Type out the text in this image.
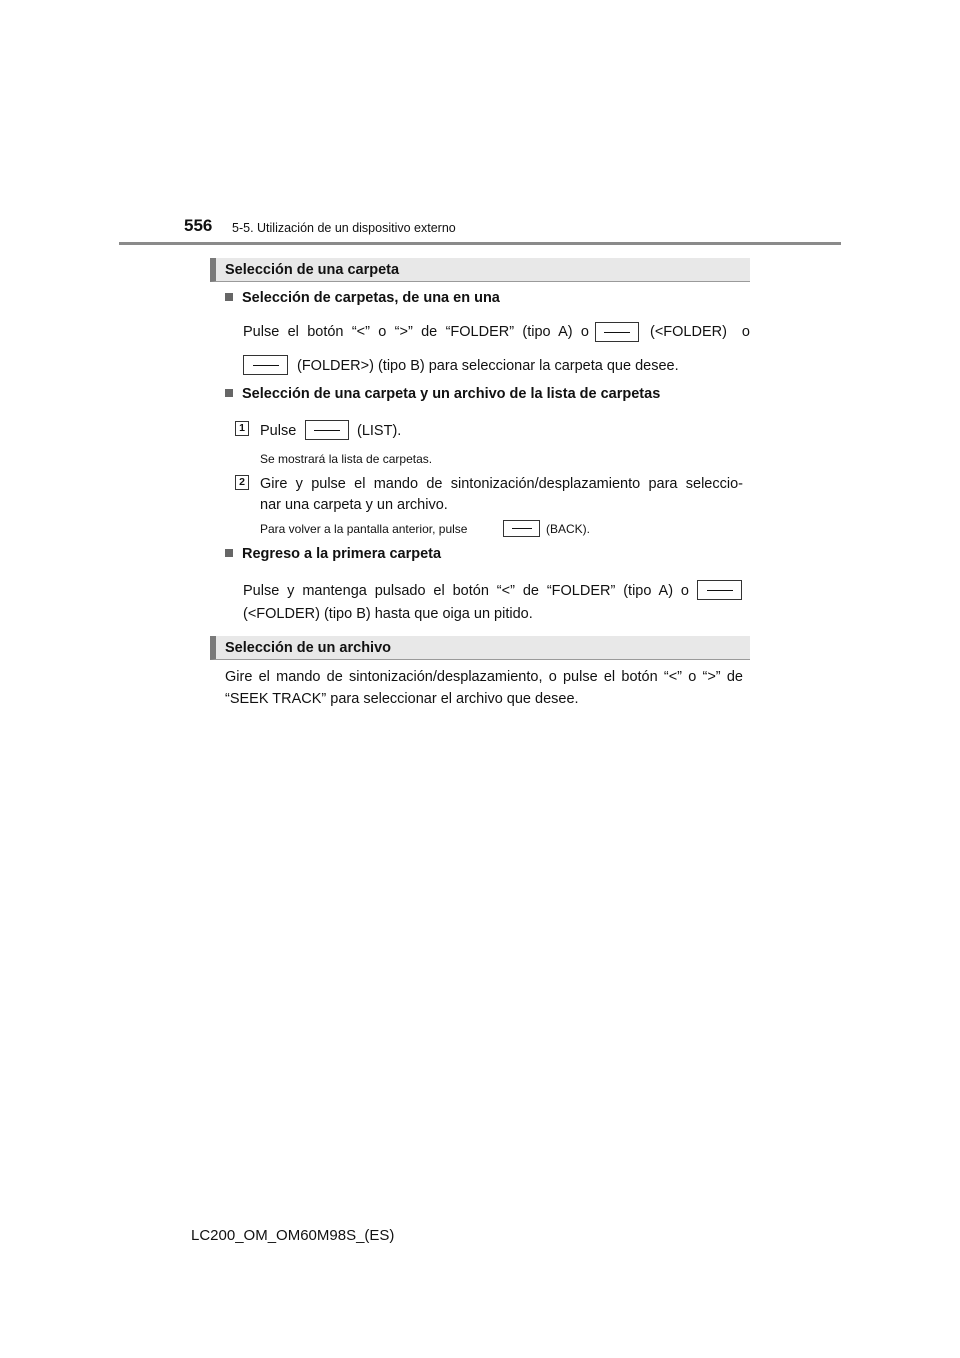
556 5-5. Utilización de un dispositivo externo
Selección de una carpeta
Selección de carpetas, de una en una
Pulse el botón “<” o “>” de “FOLDER” (tipo A) o	(<FOLDER) o
(FOLDER>) (tipo B) para seleccionar la carpeta que desee.
Selección de una carpeta y un archivo de la lista de carpetas
1 Pulse	(LIST).
Se mostrará la lista de carpetas.
2 Gire y pulse el mando de sintonización/desplazamiento para seleccio-
nar una carpeta y un archivo.
Para volver a la pantalla anterior, pulse	(BACK).
Regreso a la primera carpeta
Pulse y mantenga pulsado el botón “<” de “FOLDER” (tipo A) o
(<FOLDER) (tipo B) hasta que oiga un pitido.
Selección de un archivo
Gire el mando de sintonización/desplazamiento, o pulse el botón “<” o “>” de
“SEEK TRACK” para seleccionar el archivo que desee.
LC200_OM_OM60M98S_(ES)
